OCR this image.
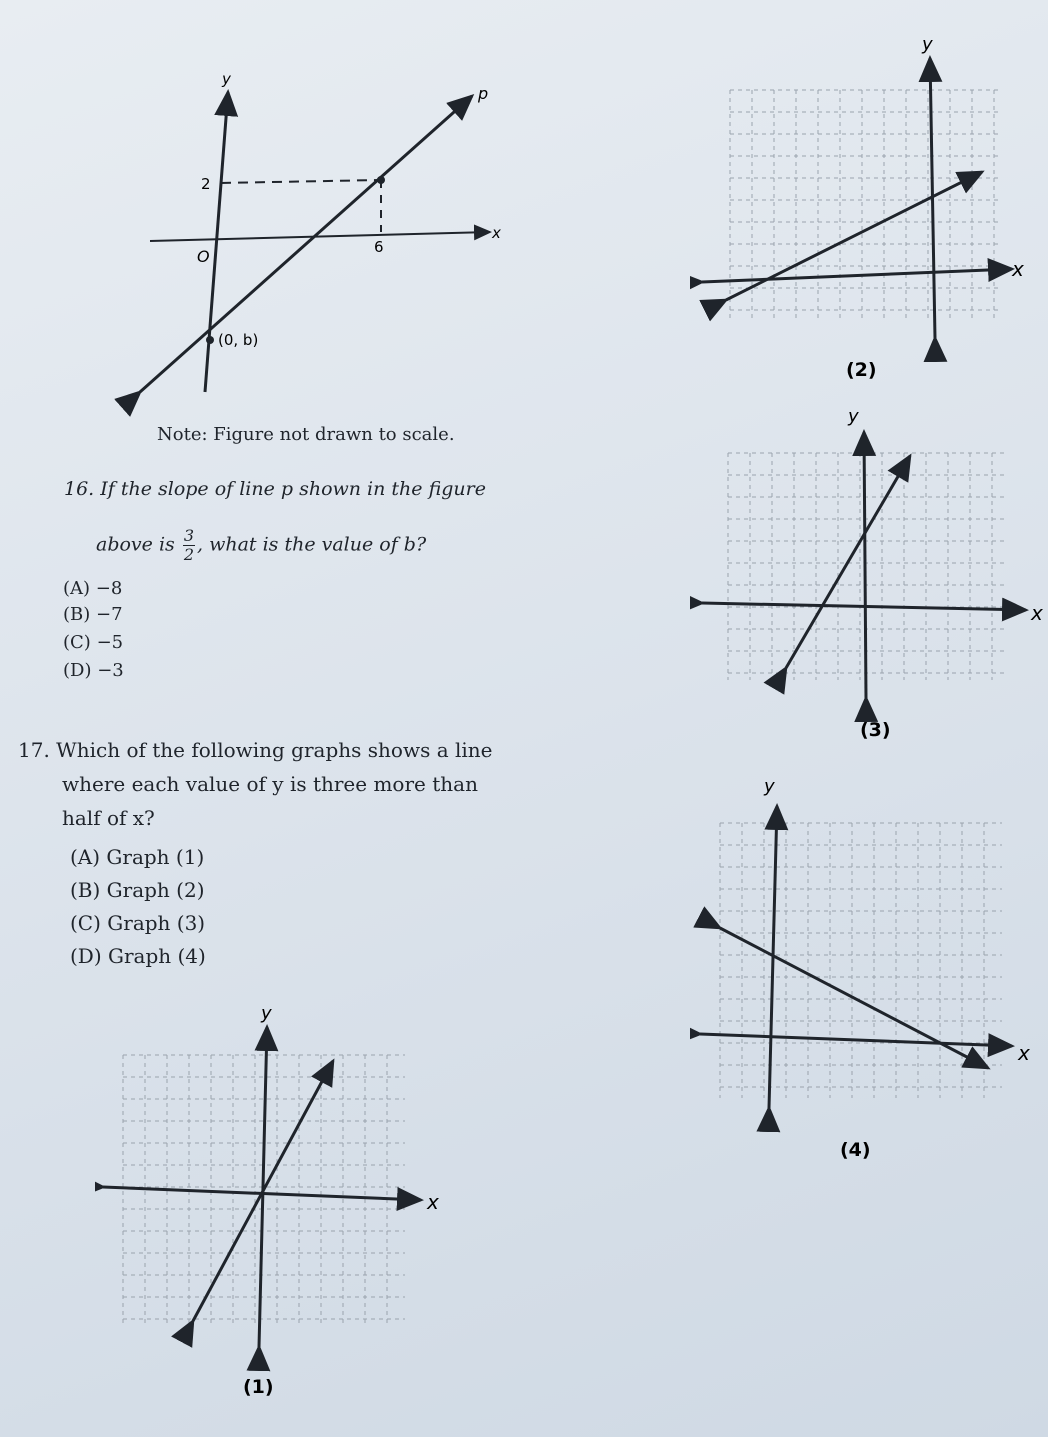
y
p
2
O	6
x
(0, b)
Note: Figure not drawn to scale.
16. If the slope of line p shown in the figure
above is $\frac{3}{2}$ , what is the value of b?
(A) −8
(B) −7
(C) −5
(D) −3
17. Which of the following graphs shows a line
where each value of y is three more than
half of x?
(A) Graph (1)
(B) Graph (2)
(C) Graph (3)
(D) Graph (4)
y
x
(2)
y
x
(3)
y
x
(4)
y
x
(1)
